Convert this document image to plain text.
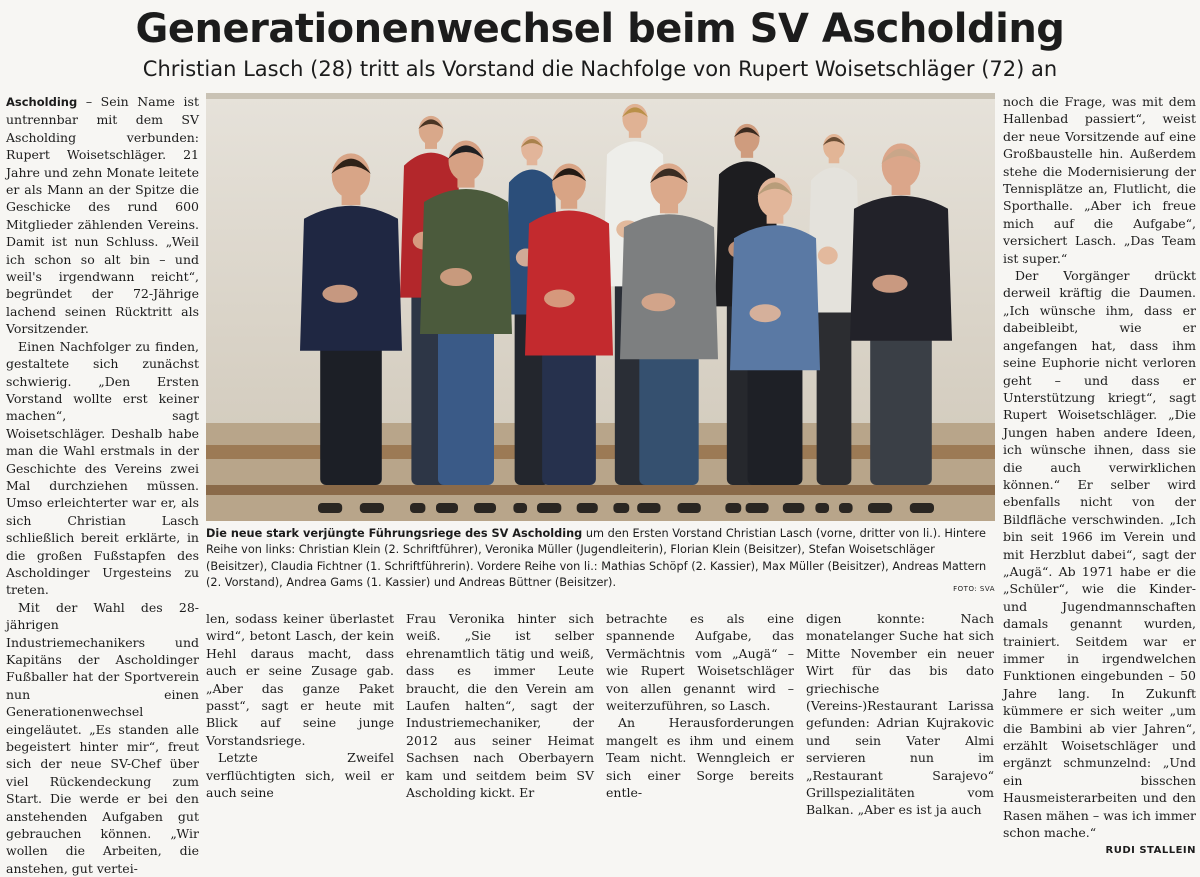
Generationenwechsel beim SV Ascholding
Christian Lasch (28) tritt als Vorstand die Nachfolge von Rupert Woisetschläger (72) an

Ascholding – Sein Name ist untrennbar mit dem SV Ascholding verbunden: Rupert Woisetschläger. 21 Jahre und zehn Monate leitete er als Mann an der Spitze die Geschicke des rund 600 Mitglieder zählenden Vereins. Damit ist nun Schluss. „Weil ich schon so alt bin – und weil's irgendwann reicht“, begründet der 72-Jährige lachend seinen Rücktritt als Vorsitzender.

Einen Nachfolger zu finden, gestaltete sich zunächst schwierig. „Den Ersten Vorstand wollte erst keiner machen“, sagt Woisetschläger. Deshalb habe man die Wahl erstmals in der Geschichte des Vereins zwei Mal durchziehen müssen. Umso erleichterter war er, als sich Christian Lasch schließlich bereit erklärte, in die großen Fußstapfen des Ascholdinger Urgesteins zu treten.

Mit der Wahl des 28-jährigen Industriemechanikers und Kapitäns der Ascholdinger Fußballer hat der Sportverein nun einen Generationenwechsel eingeläutet. „Es standen alle begeistert hinter mir“, freut sich der neue SV-Chef über viel Rückendeckung zum Start. Die werde er bei den anstehenden Aufgaben gut gebrauchen können. „Wir wollen die Arbeiten, die anstehen, gut vertei-

Die neue stark verjüngte Führungsriege des SV Ascholding um den Ersten Vorstand Christian Lasch (vorne, dritter von li.). Hintere Reihe von links: Christian Klein (2. Schriftführer), Veronika Müller (Jugendleiterin), Florian Klein (Beisitzer), Stefan Woisetschläger (Beisitzer), Claudia Fichtner (1. Schriftführerin). Vordere Reihe von li.: Mathias Schöpf (2. Kassier), Max Müller (Beisitzer), Andreas Mattern (2. Vorstand), Andrea Gams (1. Kassier) und Andreas Büttner (Beisitzer).	FOTO: SVA

len, sodass keiner überlastet wird“, betont Lasch, der kein Hehl daraus macht, dass auch er seine Zusage gab. „Aber das ganze Paket passt“, sagt er heute mit Blick auf seine junge Vorstandsriege.

Letzte Zweifel verflüchtigten sich, weil er auch seine

Frau Veronika hinter sich weiß. „Sie ist selber ehrenamtlich tätig und weiß, dass es immer Leute braucht, die den Verein am Laufen halten“, sagt der Industriemechaniker, der 2012 aus seiner Heimat Sachsen nach Oberbayern kam und seitdem beim SV Ascholding kickt. Er

betrachte es als eine spannende Aufgabe, das Vermächtnis vom „Augä“ – wie Rupert Woisetschläger von allen genannt wird – weiterzuführen, so Lasch.

An Herausforderungen mangelt es ihm und einem Team nicht. Wenngleich er sich einer Sorge bereits entle-

digen konnte: Nach monatelanger Suche hat sich Mitte November ein neuer Wirt für das bis dato griechische (Vereins-)Restaurant Larissa gefunden: Adrian Kujrakovic und sein Vater Almi servieren nun im „Restaurant Sarajevo“ Grillspezialitäten vom Balkan. „Aber es ist ja auch

noch die Frage, was mit dem Hallenbad passiert“, weist der neue Vorsitzende auf eine Großbaustelle hin. Außerdem stehe die Modernisierung der Tennisplätze an, Flutlicht, die Sporthalle. „Aber ich freue mich auf die Aufgabe“, versichert Lasch. „Das Team ist super.“

Der Vorgänger drückt derweil kräftig die Daumen. „Ich wünsche ihm, dass er dabeibleibt, wie er angefangen hat, dass ihm seine Euphorie nicht verloren geht – und dass er Unterstützung kriegt“, sagt Rupert Woisetschläger. „Die Jungen haben andere Ideen, ich wünsche ihnen, dass sie die auch verwirklichen können.“ Er selber wird ebenfalls nicht von der Bildfläche verschwinden. „Ich bin seit 1966 im Verein und mit Herzblut dabei“, sagt der „Augä“. Ab 1971 habe er die „Schüler“, wie die Kinder- und Jugendmannschaften damals genannt wurden, trainiert. Seitdem war er immer in irgendwelchen Funktionen eingebunden – 50 Jahre lang. In Zukunft kümmere er sich weiter „um die Bambini ab vier Jahren“, erzählt Woisetschläger und ergänzt schmunzelnd: „Und ein bisschen Hausmeisterarbeiten und den Rasen mähen – was ich immer schon mache.“

RUDI STALLEIN
